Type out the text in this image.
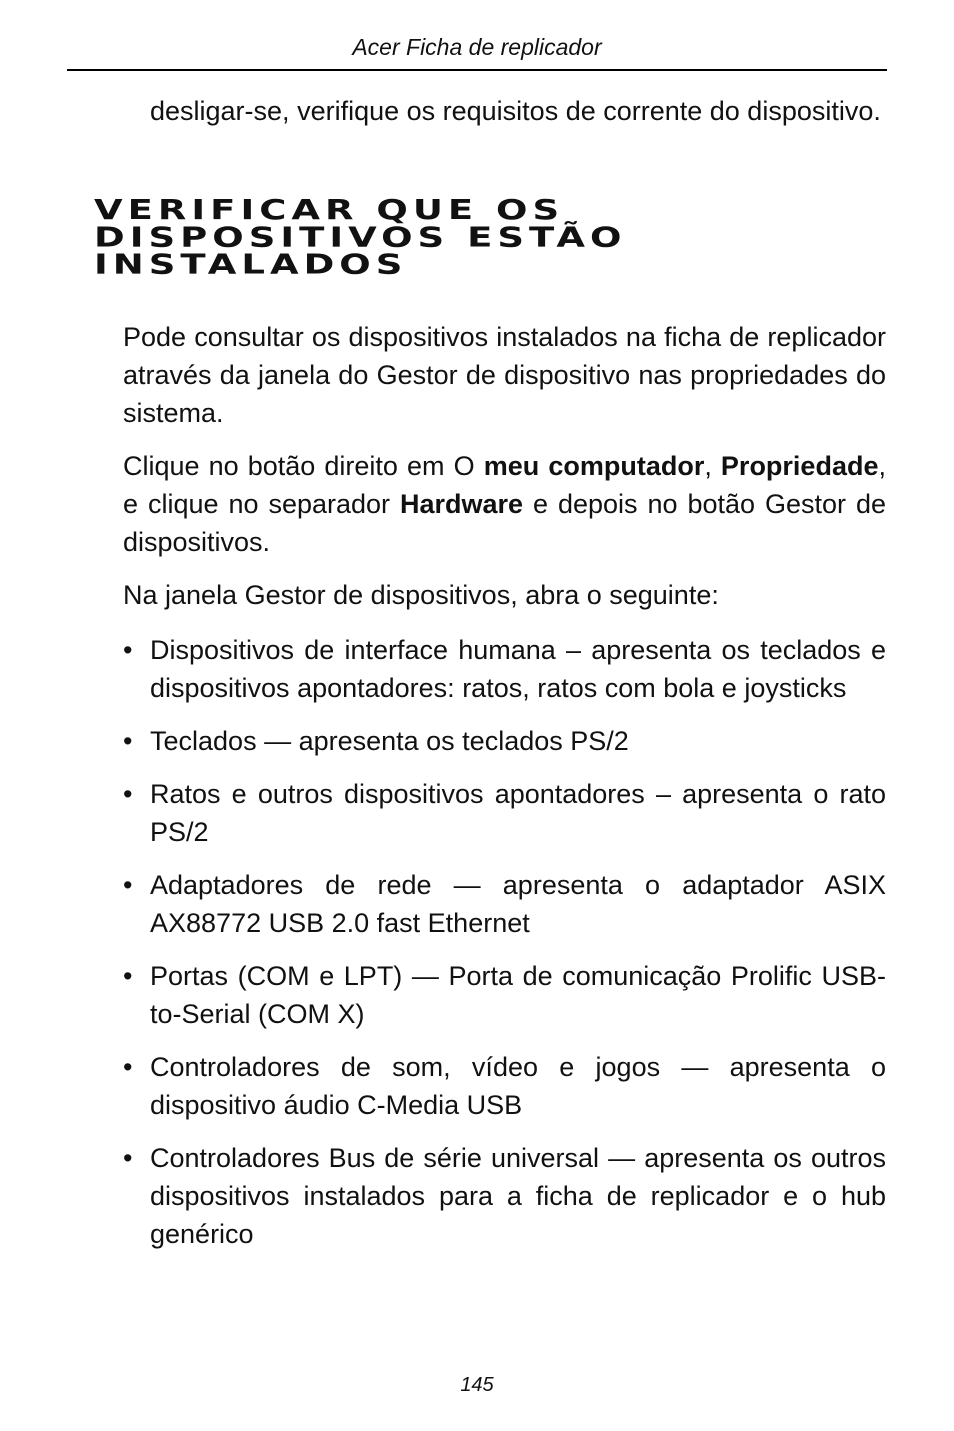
Acer Ficha de replicador

desligar-se, verifique os requisitos de corrente do dispositivo.

VERIFICAR QUE OS DISPOSITIVOS ESTÃO INSTALADOS

Pode consultar os dispositivos instalados na ficha de replicador através da janela do Gestor de dispositivo nas propriedades do sistema.

Clique no botão direito em O meu computador, Propriedade, e clique no separador Hardware e depois no botão Gestor de dispositivos.

Na janela Gestor de dispositivos, abra o seguinte:

• Dispositivos de interface humana – apresenta os teclados e dispositivos apontadores: ratos, ratos com bola e joysticks
• Teclados — apresenta os teclados PS/2
• Ratos e outros dispositivos apontadores – apresenta o rato PS/2
• Adaptadores de rede — apresenta o adaptador ASIX AX88772 USB 2.0 fast Ethernet
• Portas (COM e LPT) — Porta de comunicação Prolific USB-to-Serial (COM X)
• Controladores de som, vídeo e jogos — apresenta o dispositivo áudio C-Media USB
• Controladores Bus de série universal — apresenta os outros dispositivos instalados para a ficha de replicador e o hub genérico
145
